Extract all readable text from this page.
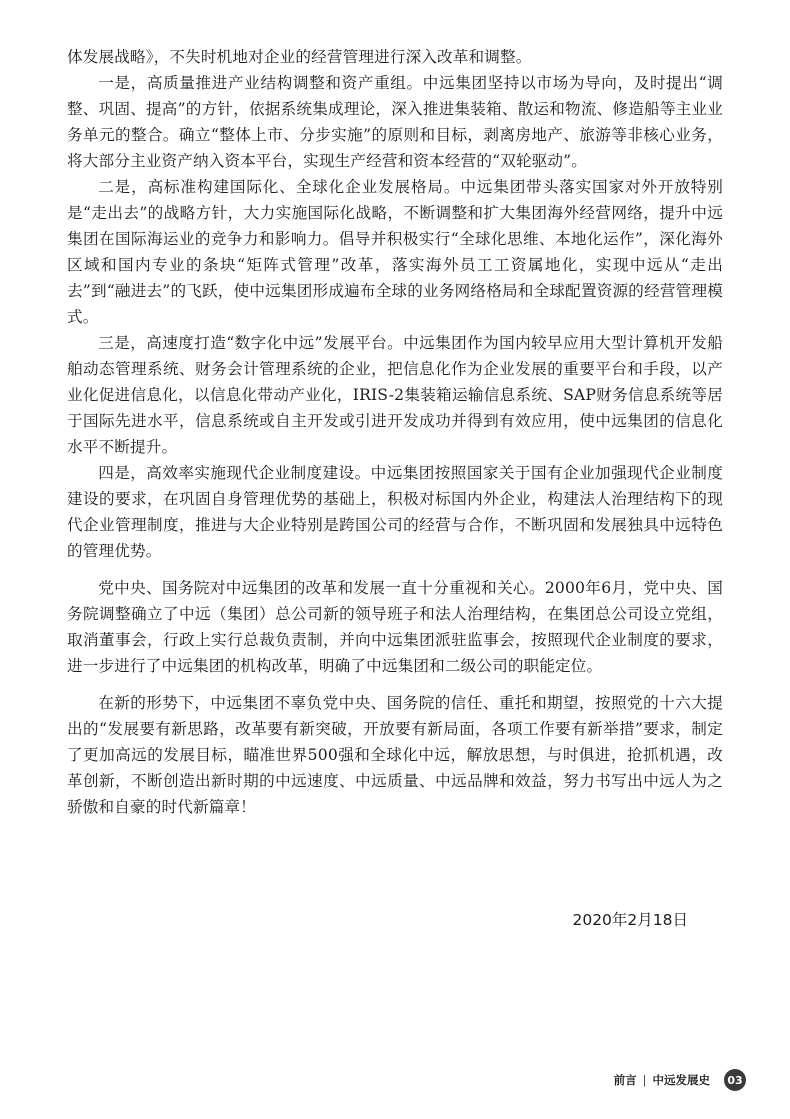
体发展战略》，不失时机地对企业的经营管理进行深入改革和调整。

一是，高质量推进产业结构调整和资产重组。中远集团坚持以市场为导向，及时提出“调整、巩固、提高”的方针，依据系统集成理论，深入推进集装箱、散运和物流、修造船等主业业务单元的整合。确立“整体上市、分步实施”的原则和目标，剥离房地产、旅游等非核心业务，将大部分主业资产纳入资本平台，实现生产经营和资本经营的“双轮驱动”。

二是，高标准构建国际化、全球化企业发展格局。中远集团带头落实国家对外开放特别是“走出去”的战略方针，大力实施国际化战略，不断调整和扩大集团海外经营网络，提升中远集团在国际海运业的竞争力和影响力。倡导并积极实行“全球化思维、本地化运作”，深化海外区域和国内专业的条块“矩阵式管理”改革，落实海外员工工资属地化，实现中远从“走出去”到“融进去”的飞跃，使中远集团形成遍布全球的业务网络格局和全球配置资源的经营管理模式。

三是，高速度打造“数字化中远”发展平台。中远集团作为国内较早应用大型计算机开发船舶动态管理系统、财务会计管理系统的企业，把信息化作为企业发展的重要平台和手段，以产业化促进信息化，以信息化带动产业化，IRIS-2集装箱运输信息系统、SAP财务信息系统等居于国际先进水平，信息系统或自主开发或引进开发成功并得到有效应用，使中远集团的信息化水平不断提升。

四是，高效率实施现代企业制度建设。中远集团按照国家关于国有企业加强现代企业制度建设的要求，在巩固自身管理优势的基础上，积极对标国内外企业，构建法人治理结构下的现代企业管理制度，推进与大企业特别是跨国公司的经营与合作，不断巩固和发展独具中远特色的管理优势。

党中央、国务院对中远集团的改革和发展一直十分重视和关心。2000年6月，党中央、国务院调整确立了中远（集团）总公司新的领导班子和法人治理结构，在集团总公司设立党组，取消董事会，行政上实行总裁负责制，并向中远集团派驻监事会，按照现代企业制度的要求，进一步进行了中远集团的机构改革，明确了中远集团和二级公司的职能定位。

在新的形势下，中远集团不辜负党中央、国务院的信任、重托和期望，按照党的十六大提出的“发展要有新思路，改革要有新突破，开放要有新局面，各项工作要有新举措”要求，制定了更加高远的发展目标，瞄准世界500强和全球化中远，解放思想，与时俱进，抢抓机遇，改革创新，不断创造出新时期的中远速度、中远质量、中远品牌和效益，努力书写出中远人为之骄傲和自豪的时代新篇章！

2020年2月18日
前言 | 中远发展史	03
